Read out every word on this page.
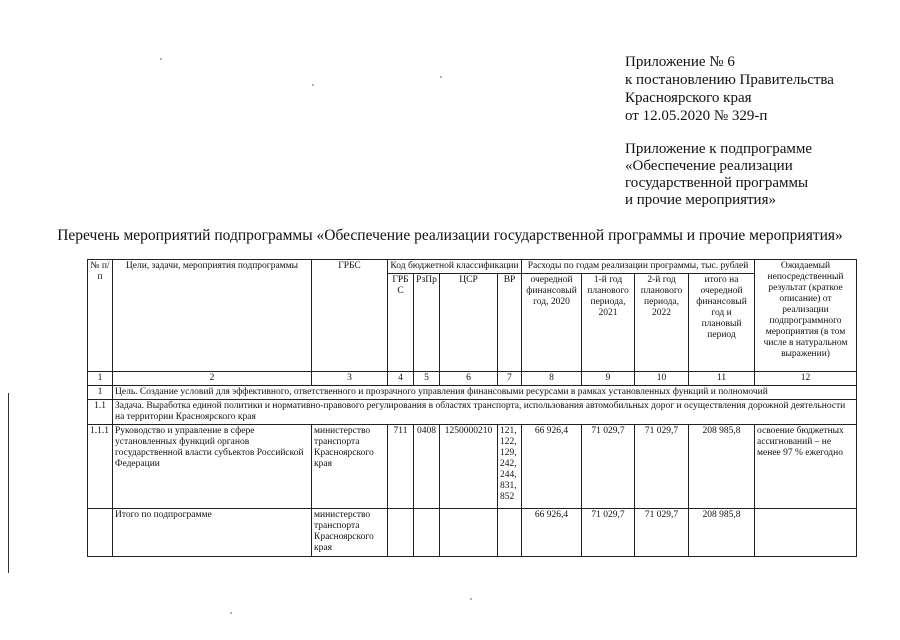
Приложение № 6
к постановлению Правительства
Красноярского края
от 12.05.2020 № 329-п
Приложение к подпрограмме
«Обеспечение реализации
государственной программы
и прочие мероприятия»
Перечень мероприятий подпрограммы «Обеспечение реализации государственной программы и прочие мероприятия»
№ п/п	Цели, задачи, мероприятия подпрограммы	ГРБС	Код бюджетной классификации				Расходы по годам реализации программы, тыс. рублей				Ожидаемый непосредственный результат (краткое описание) от реализации подпрограммного мероприятия (в том числе в натуральном выражении)
			ГРБС	РзПр	ЦСР	ВР	очередной финансовый год, 2020	1-й год планового периода, 2021	2-й год планового периода, 2022	итого на очередной финансовый год и плановый период	
1	2	3	4	5	6	7	8	9	10	11	12
1	Цель. Создание условий для эффективного, ответственного и прозрачного управления финансовыми ресурсами в рамках установленных функций и полномочий										
1.1	Задача. Выработка единой политики и нормативно-правового регулирования в областях транспорта, использования автомобильных дорог и осуществления дорожной деятельности на территории Красноярского края										
1.1.1	Руководство и управление в сфере установленных функций органов государственной власти субъектов Российской Федерации	министерство транспорта Красноярского края	711	0408	1250000210	121, 122, 129, 242, 244, 831, 852	66 926,4	71 029,7	71 029,7	208 985,8	освоение бюджетных ассигнований – не менее 97 % ежегодно
	Итого по подпрограмме	министерство транспорта Красноярского края					66 926,4	71 029,7	71 029,7	208 985,8	
